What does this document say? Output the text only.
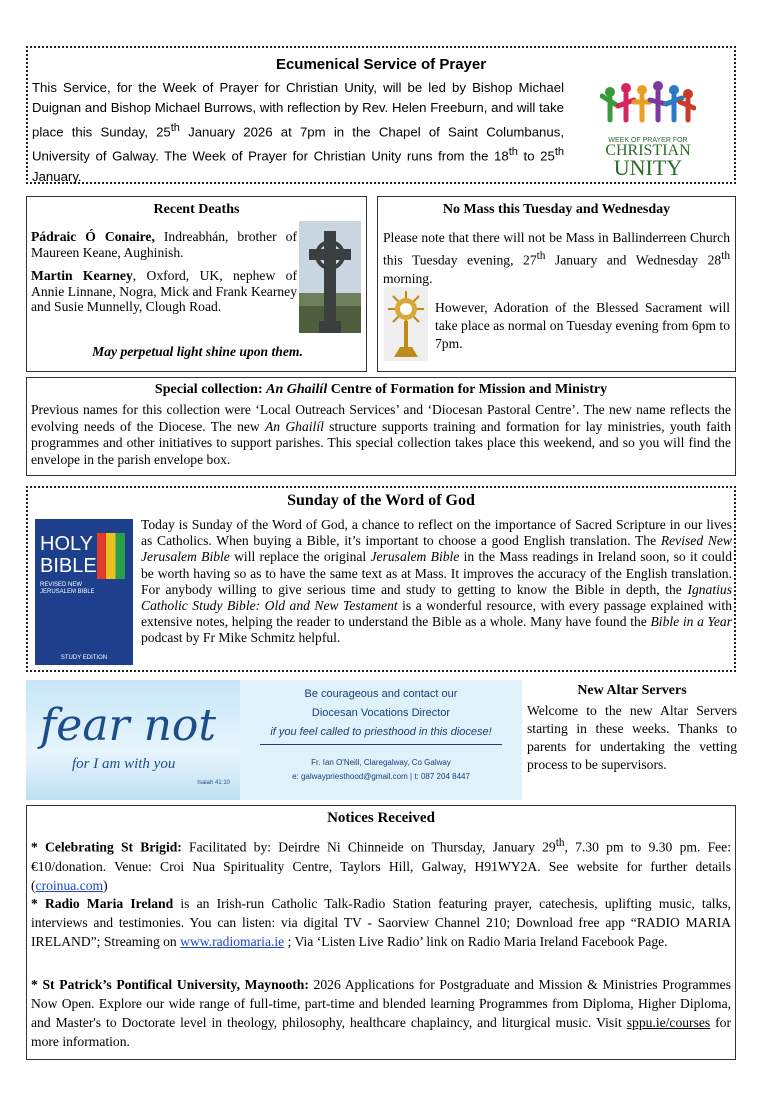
Ecumenical Service of Prayer

This Service, for the Week of Prayer for Christian Unity, will be led by Bishop Michael Duignan and Bishop Michael Burrows, with reflection by Rev. Helen Freeburn, and will take place this Sunday, 25th January 2026 at 7pm in the Chapel of Saint Columbanus, University of Galway. The Week of Prayer for Christian Unity runs from the 18th to 25th January.

WEEK OF PRAYER FOR
CHRISTIAN
UNITY
Recent Deaths

Pádraic Ó Conaire, Indreabhán, brother of Maureen Keane, Aughinish.

Martin Kearney, Oxford, UK, nephew of Annie Linnane, Nogra, Mick and Frank Kearney and Susie Munnelly, Clough Road.

May perpetual light shine upon them.
No Mass this Tuesday and Wednesday

Please note that there will not be Mass in Ballinderreen Church this Tuesday evening, 27th January and Wednesday 28th morning.

However, Adoration of the Blessed Sacrament will take place as normal on Tuesday evening from 6pm to 7pm.

Special collection: An Ghailíl Centre of Formation for Mission and Ministry

Previous names for this collection were ‘Local Outreach Services’ and ‘Diocesan Pastoral Centre’. The new name reflects the evolving needs of the Diocese. The new An Ghailíl structure supports training and formation for lay ministries, youth faith programmes and other initiatives to support parishes. This special collection takes place this weekend, and so you will find the envelope in the parish envelope box.

Sunday of the Word of God
HOLY
BIBLE
REVISED NEW JERUSALEM BIBLE
STUDY EDITION

Today is Sunday of the Word of God, a chance to reflect on the importance of Sacred Scripture in our lives as Catholics. When buying a Bible, it’s important to choose a good English translation. The Revised New Jerusalem Bible will replace the original Jerusalem Bible in the Mass readings in Ireland soon, so it could be worth having so as to have the same text as at Mass. It improves the accuracy of the English translation. For anybody willing to give serious time and study to getting to know the Bible in depth, the Ignatius Catholic Study Bible: Old and New Testament is a wonderful resource, with every passage explained with extensive notes, helping the reader to understand the Bible as a whole. Many have found the Bible in a Year podcast by Fr Mike Schmitz helpful.

fear not
for I am with you
Isaiah 41:10
Be courageous and contact our
Diocesan Vocations Director
if you feel called to priesthood in this diocese!
Fr. Ian O'Neill, Claregalway, Co Galway
e: galwaypriesthood@gmail.com | t: 087 204 8447
New Altar Servers

Welcome to the new Altar Servers starting in these weeks. Thanks to parents for undertaking the vetting process to be supervisors.

Notices Received

* Celebrating St Brigid: Facilitated by: Deirdre Ni Chinneide on Thursday, January 29th, 7.30 pm to 9.30 pm. Fee: €10/donation. Venue: Croi Nua Spirituality Centre, Taylors Hill, Galway, H91WY2A. See website for further details (croinua.com)

* Radio Maria Ireland is an Irish-run Catholic Talk-Radio Station featuring prayer, catechesis, uplifting music, talks, interviews and testimonies. You can listen: via digital TV - Saorview Channel 210; Download free app “RADIO MARIA IRELAND”; Streaming on www.radiomaria.ie ; Via ‘Listen Live Radio’ link on Radio Maria Ireland Facebook Page.

* St Patrick’s Pontifical University, Maynooth: 2026 Applications for Postgraduate and Mission & Ministries Programmes Now Open. Explore our wide range of full-time, part-time and blended learning Programmes from Diploma, Higher Diploma, and Master's to Doctorate level in theology, philosophy, healthcare chaplaincy, and liturgical music. Visit sppu.ie/courses for more information.
